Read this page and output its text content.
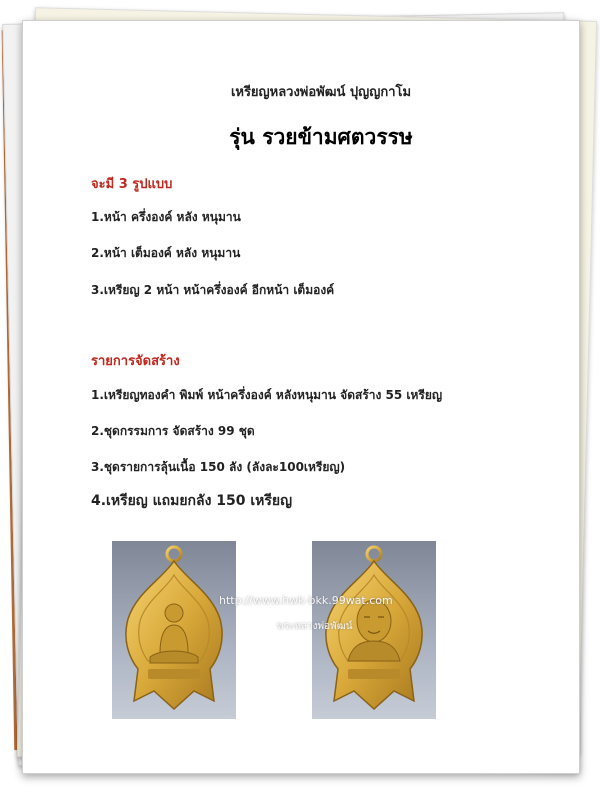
เหรียญหลวงพ่อพัฒน์ ปุญญกาโม
รุ่น รวยข้ามศตวรรษ
จะมี 3 รูปแบบ
1.หน้า ครึ่งองค์ หลัง หนุมาน
2.หน้า เต็มองค์ หลัง หนุมาน
3.เหรียญ 2 หน้า หน้าครึ่งองค์ อีกหน้า เต็มองค์
รายการจัดสร้าง
1.เหรียญทองคำ พิมพ์ หน้าครึ่งองค์ หลังหนุมาน จัดสร้าง 55 เหรียญ
2.ชุดกรรมการ จัดสร้าง 99 ชุด
3.ชุดรายการลุ้นเนื้อ 150 ลัง (ลังละ100เหรียญ)
4.เหรียญ แถมยกลัง 150 เหรียญ
http://www.hwk-bkk.99wat.com
พระหลวงพ่อพัฒน์
